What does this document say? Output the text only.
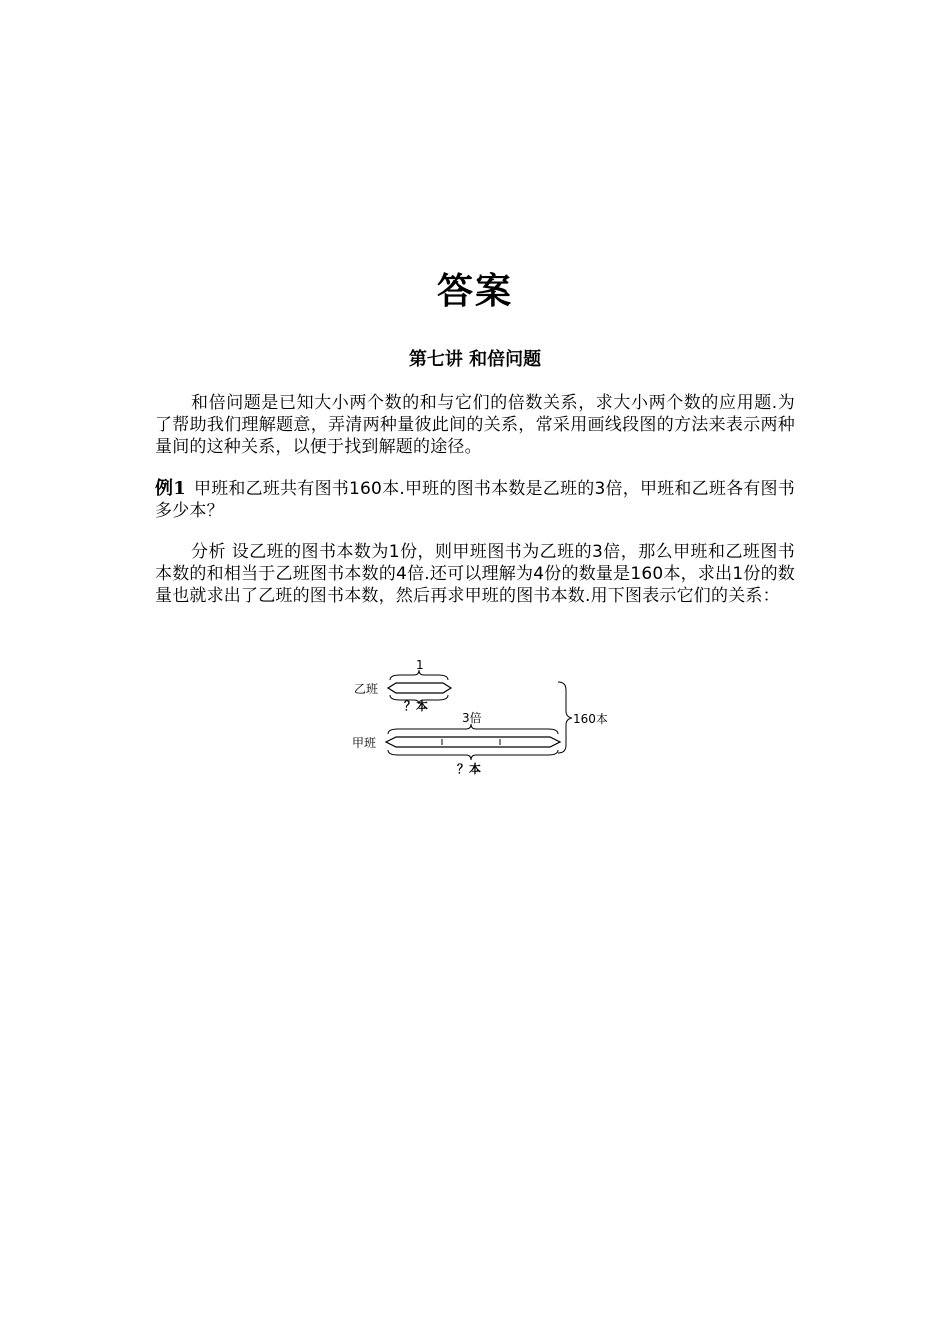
答案
第七讲 和倍问题

和倍问题是已知大小两个数的和与它们的倍数关系，求大小两个数的应用题.为了帮助我们理解题意，弄清两种量彼此间的关系，常采用画线段图的方法来表示两种量间的这种关系，以便于找到解题的途径。

例1 甲班和乙班共有图书160本.甲班的图书本数是乙班的3倍，甲班和乙班各有图书多少本？

分析 设乙班的图书本数为1份，则甲班图书为乙班的3倍，那么甲班和乙班图书本数的和相当于乙班图书本数的4倍.还可以理解为4份的数量是160本，求出1份的数量也就求出了乙班的图书本数，然后再求甲班的图书本数.用下图表示它们的关系：

乙班
1
？本
甲班
3倍
？本
160本
